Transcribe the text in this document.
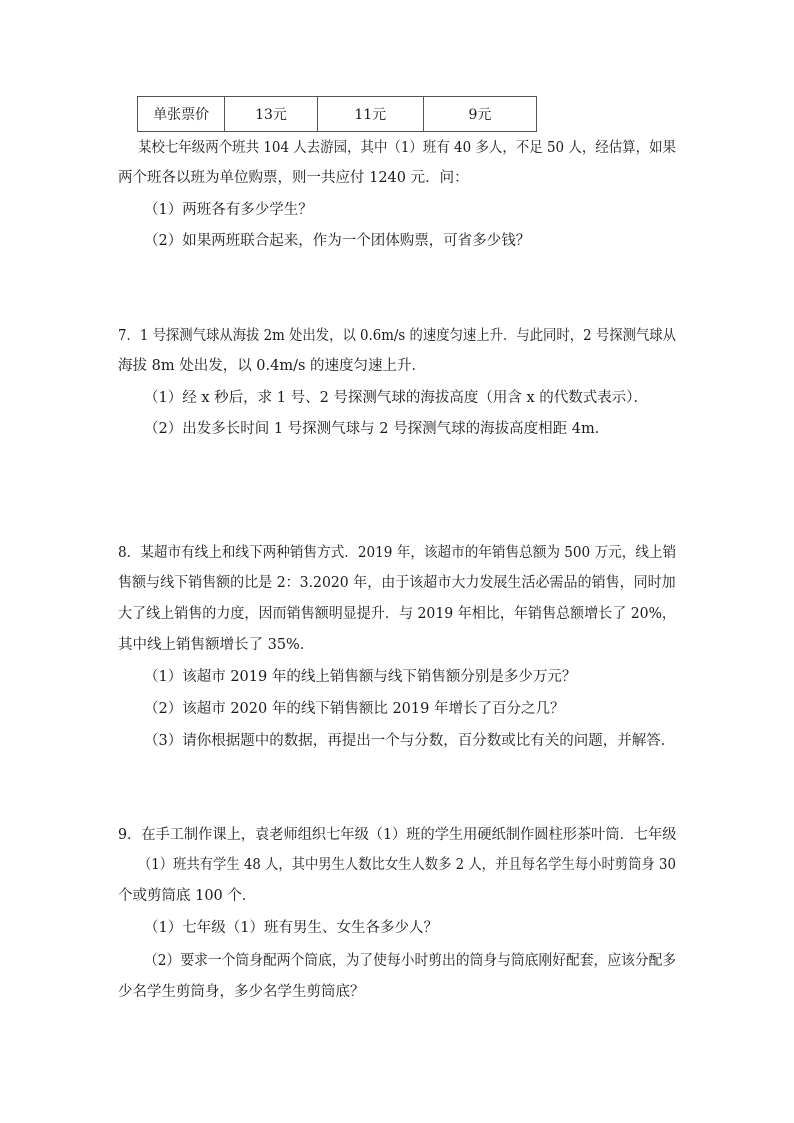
单张票价	13元	11元	9元
某校七年级两个班共 104 人去游园，其中（1）班有 40 多人，不足 50 人，经估算，如果
两个班各以班为单位购票，则一共应付 1240 元．问：
（1）两班各有多少学生？
（2）如果两班联合起来，作为一个团体购票，可省多少钱？
7．1 号探测气球从海拔 2m 处出发，以 0.6m/s 的速度匀速上升．与此同时，2 号探测气球从
海拔 8m 处出发，以 0.4m/s 的速度匀速上升．
（1）经 x 秒后，求 1 号、2 号探测气球的海拔高度（用含 x 的代数式表示）．
（2）出发多长时间 1 号探测气球与 2 号探测气球的海拔高度相距 4m．
8．某超市有线上和线下两种销售方式．2019 年，该超市的年销售总额为 500 万元，线上销
售额与线下销售额的比是 2：3.2020 年，由于该超市大力发展生活必需品的销售，同时加
大了线上销售的力度，因而销售额明显提升．与 2019 年相比，年销售总额增长了 20%，
其中线上销售额增长了 35%．
（1）该超市 2019 年的线上销售额与线下销售额分别是多少万元？
（2）该超市 2020 年的线下销售额比 2019 年增长了百分之几？
（3）请你根据题中的数据，再提出一个与分数，百分数或比有关的问题，并解答．
9．在手工制作课上，袁老师组织七年级（1）班的学生用硬纸制作圆柱形茶叶筒．七年级
（1）班共有学生 48 人，其中男生人数比女生人数多 2 人，并且每名学生每小时剪筒身 30
个或剪筒底 100 个．
（1）七年级（1）班有男生、女生各多少人？
（2）要求一个筒身配两个筒底，为了使每小时剪出的筒身与筒底刚好配套，应该分配多
少名学生剪筒身，多少名学生剪筒底？
